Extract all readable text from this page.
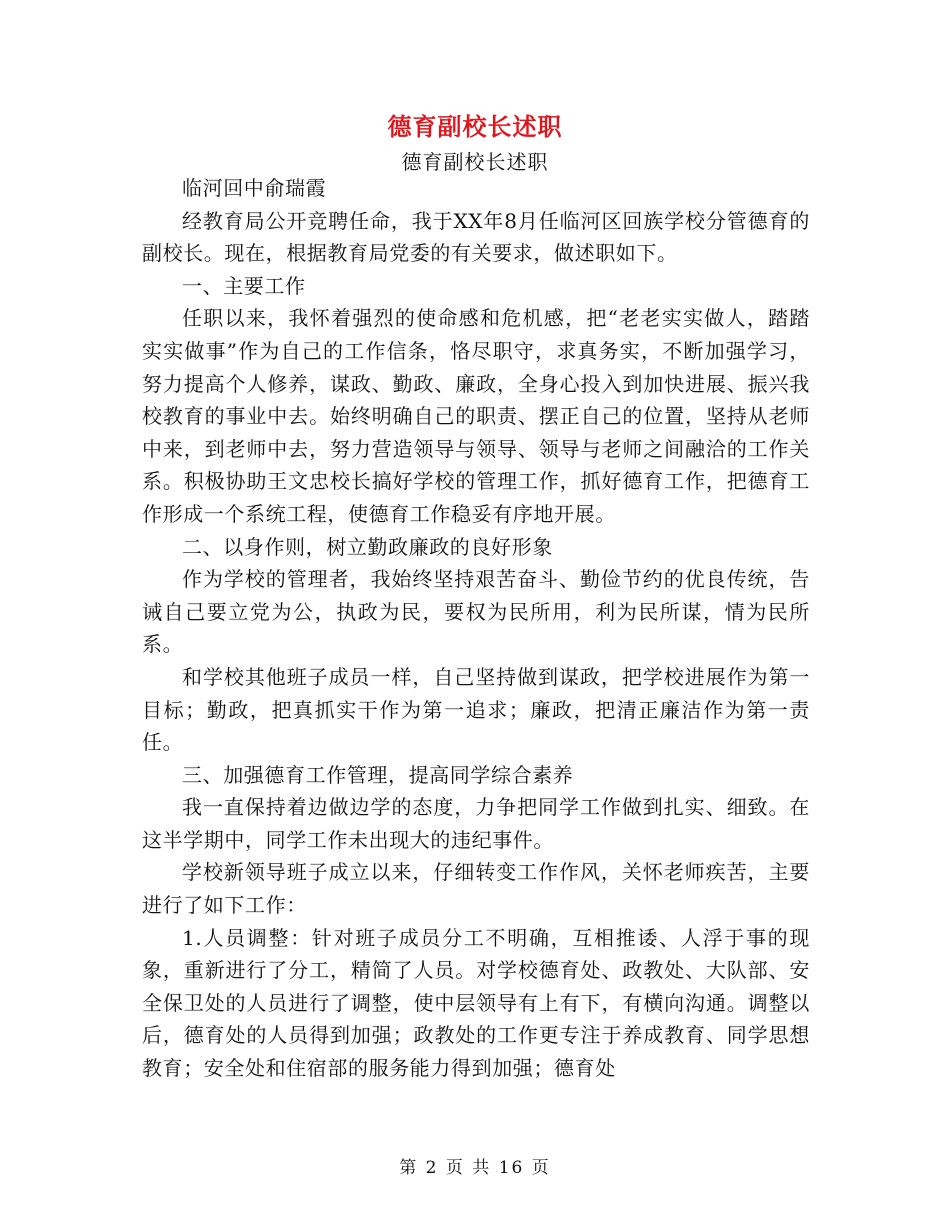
德育副校长述职
德育副校长述职

临河回中俞瑞霞

经教育局公开竞聘任命，我于XX年8月任临河区回族学校分管德育的副校长。现在，根据教育局党委的有关要求，做述职如下。

一、主要工作

任职以来，我怀着强烈的使命感和危机感，把“老老实实做人，踏踏实实做事”作为自己的工作信条，恪尽职守，求真务实，不断加强学习，努力提高个人修养，谋政、勤政、廉政，全身心投入到加快进展、振兴我校教育的事业中去。始终明确自己的职责、摆正自己的位置，坚持从老师中来，到老师中去，努力营造领导与领导、领导与老师之间融洽的工作关系。积极协助王文忠校长搞好学校的管理工作，抓好德育工作，把德育工作形成一个系统工程，使德育工作稳妥有序地开展。

二、以身作则，树立勤政廉政的良好形象

作为学校的管理者，我始终坚持艰苦奋斗、勤俭节约的优良传统，告诫自己要立党为公，执政为民，要权为民所用，利为民所谋，情为民所系。

和学校其他班子成员一样，自己坚持做到谋政，把学校进展作为第一目标；勤政，把真抓实干作为第一追求；廉政，把清正廉洁作为第一责任。

三、加强德育工作管理，提高同学综合素养

我一直保持着边做边学的态度，力争把同学工作做到扎实、细致。在这半学期中，同学工作未出现大的违纪事件。

学校新领导班子成立以来，仔细转变工作作风，关怀老师疾苦，主要进行了如下工作：

1.人员调整：针对班子成员分工不明确，互相推诿、人浮于事的现象，重新进行了分工，精简了人员。对学校德育处、政教处、大队部、安全保卫处的人员进行了调整，使中层领导有上有下，有横向沟通。调整以后，德育处的人员得到加强；政教处的工作更专注于养成教育、同学思想教育；安全处和住宿部的服务能力得到加强；德育处

第 2 页 共 16 页
